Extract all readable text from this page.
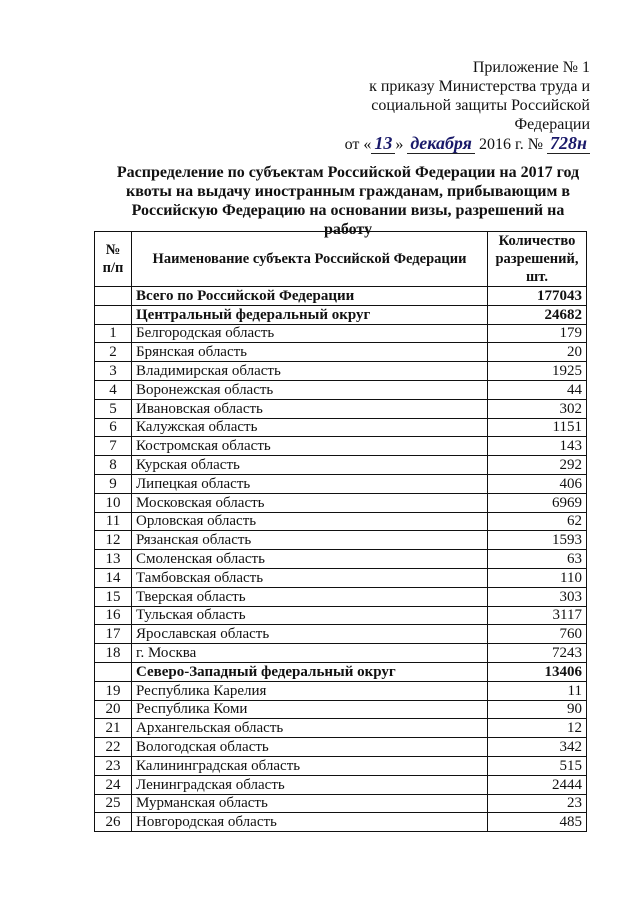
Приложение № 1
к приказу Министерства труда и
социальной защиты Российской Федерации
от « 13 » декабря 2016 г. № 728н
Распределение по субъектам Российской Федерации на 2017 год
квоты на выдачу иностранным гражданам, прибывающим в
Российскую Федерацию на основании визы, разрешений на работу
№ п/п	Наименование субъекта Российской Федерации	Количество разрешений, шт.
	Всего по Российской Федерации	177043
	Центральный федеральный округ	24682
1	Белгородская область	179
2	Брянская область	20
3	Владимирская область	1925
4	Воронежская область	44
5	Ивановская область	302
6	Калужская область	1151
7	Костромская область	143
8	Курская область	292
9	Липецкая область	406
10	Московская область	6969
11	Орловская область	62
12	Рязанская область	1593
13	Смоленская область	63
14	Тамбовская область	110
15	Тверская область	303
16	Тульская область	3117
17	Ярославская область	760
18	г. Москва	7243
	Северо-Западный федеральный округ	13406
19	Республика Карелия	11
20	Республика Коми	90
21	Архангельская область	12
22	Вологодская область	342
23	Калининградская область	515
24	Ленинградская область	2444
25	Мурманская область	23
26	Новгородская область	485
